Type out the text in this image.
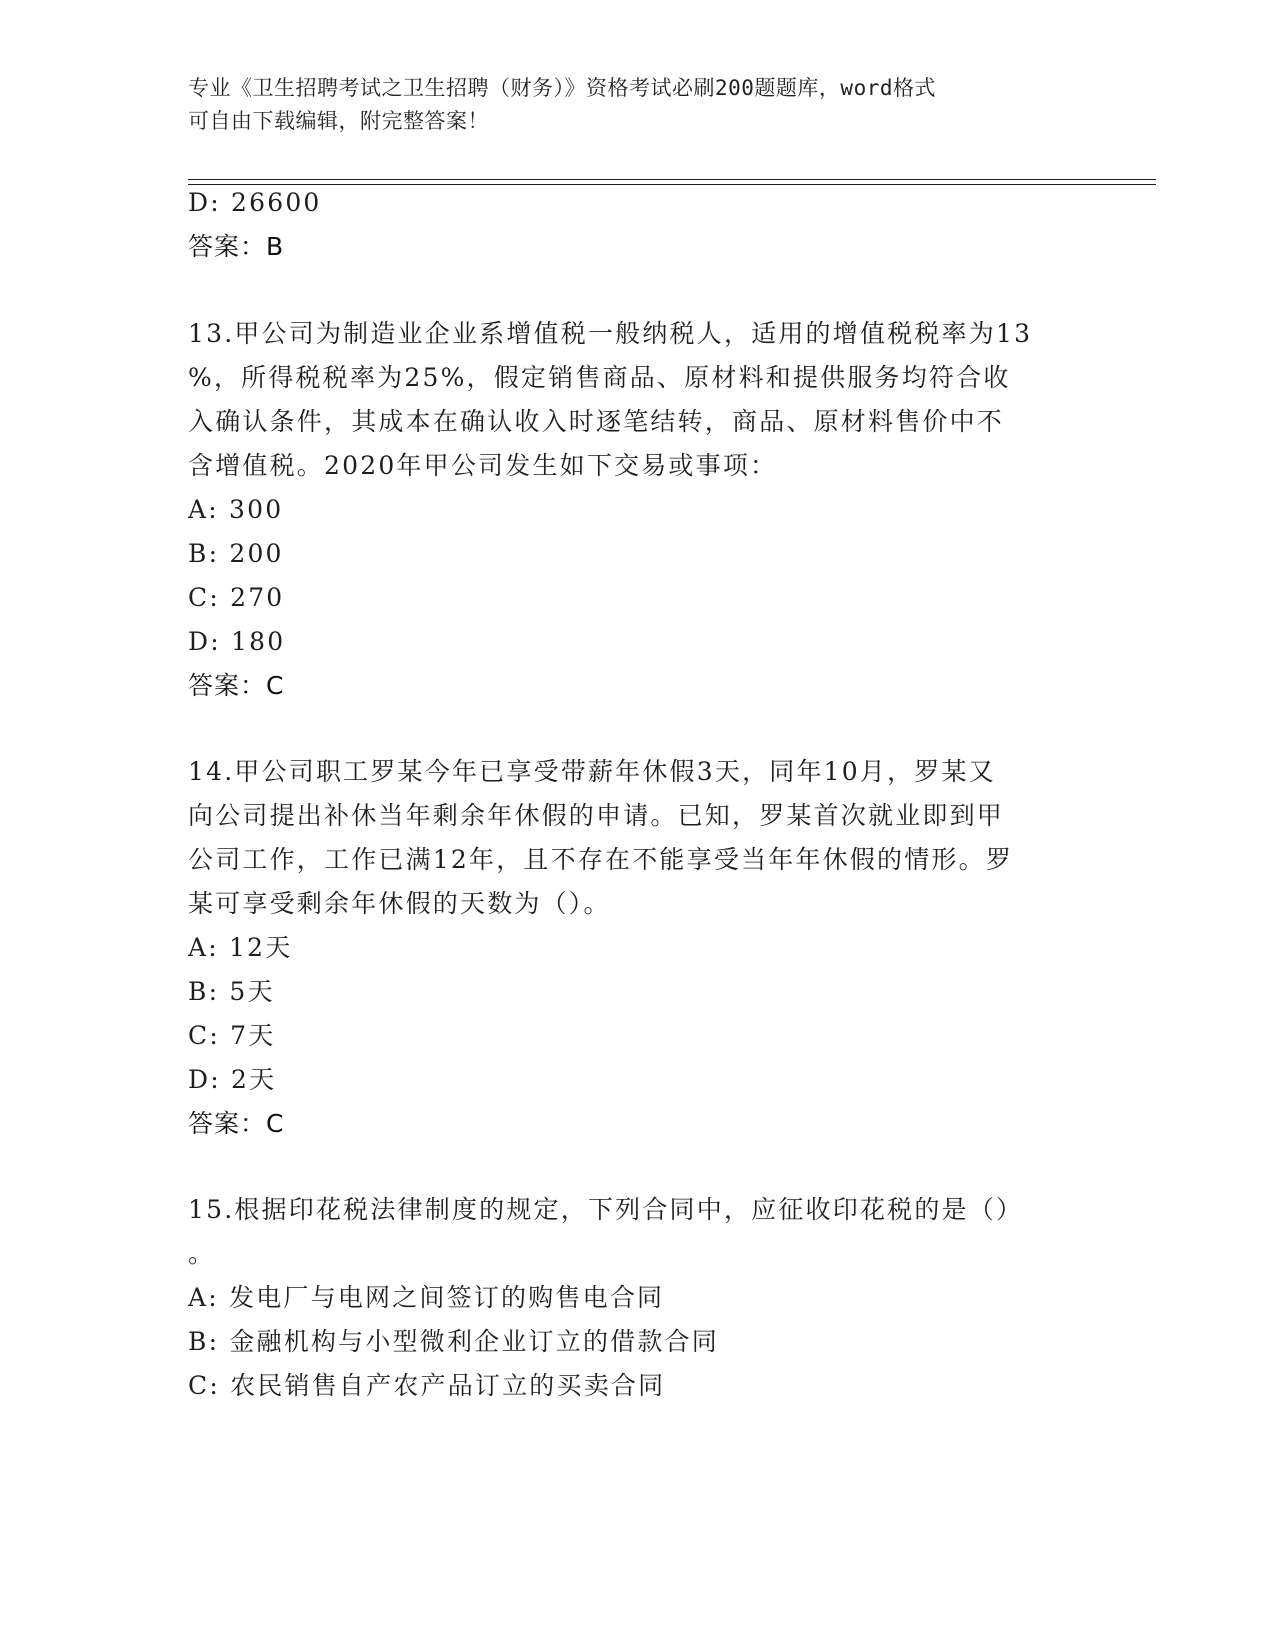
专业《卫生招聘考试之卫生招聘（财务）》资格考试必刷200题题库，word格式
可自由下载编辑，附完整答案！
D: 26600
答案：B
13.甲公司为制造业企业系增值税一般纳税人，适用的增值税税率为13
%，所得税税率为25%，假定销售商品、原材料和提供服务均符合收
入确认条件，其成本在确认收入时逐笔结转，商品、原材料售价中不
含增值税。2020年甲公司发生如下交易或事项：
A: 300
B: 200
C: 270
D: 180
答案：C
14.甲公司职工罗某今年已享受带薪年休假3天，同年10月，罗某又
向公司提出补休当年剩余年休假的申请。已知，罗某首次就业即到甲
公司工作，工作已满12年，且不存在不能享受当年年休假的情形。罗
某可享受剩余年休假的天数为（）。
A: 12天
B: 5天
C: 7天
D: 2天
答案：C
15.根据印花税法律制度的规定，下列合同中，应征收印花税的是（）
。
A: 发电厂与电网之间签订的购售电合同
B: 金融机构与小型微利企业订立的借款合同
C: 农民销售自产农产品订立的买卖合同
